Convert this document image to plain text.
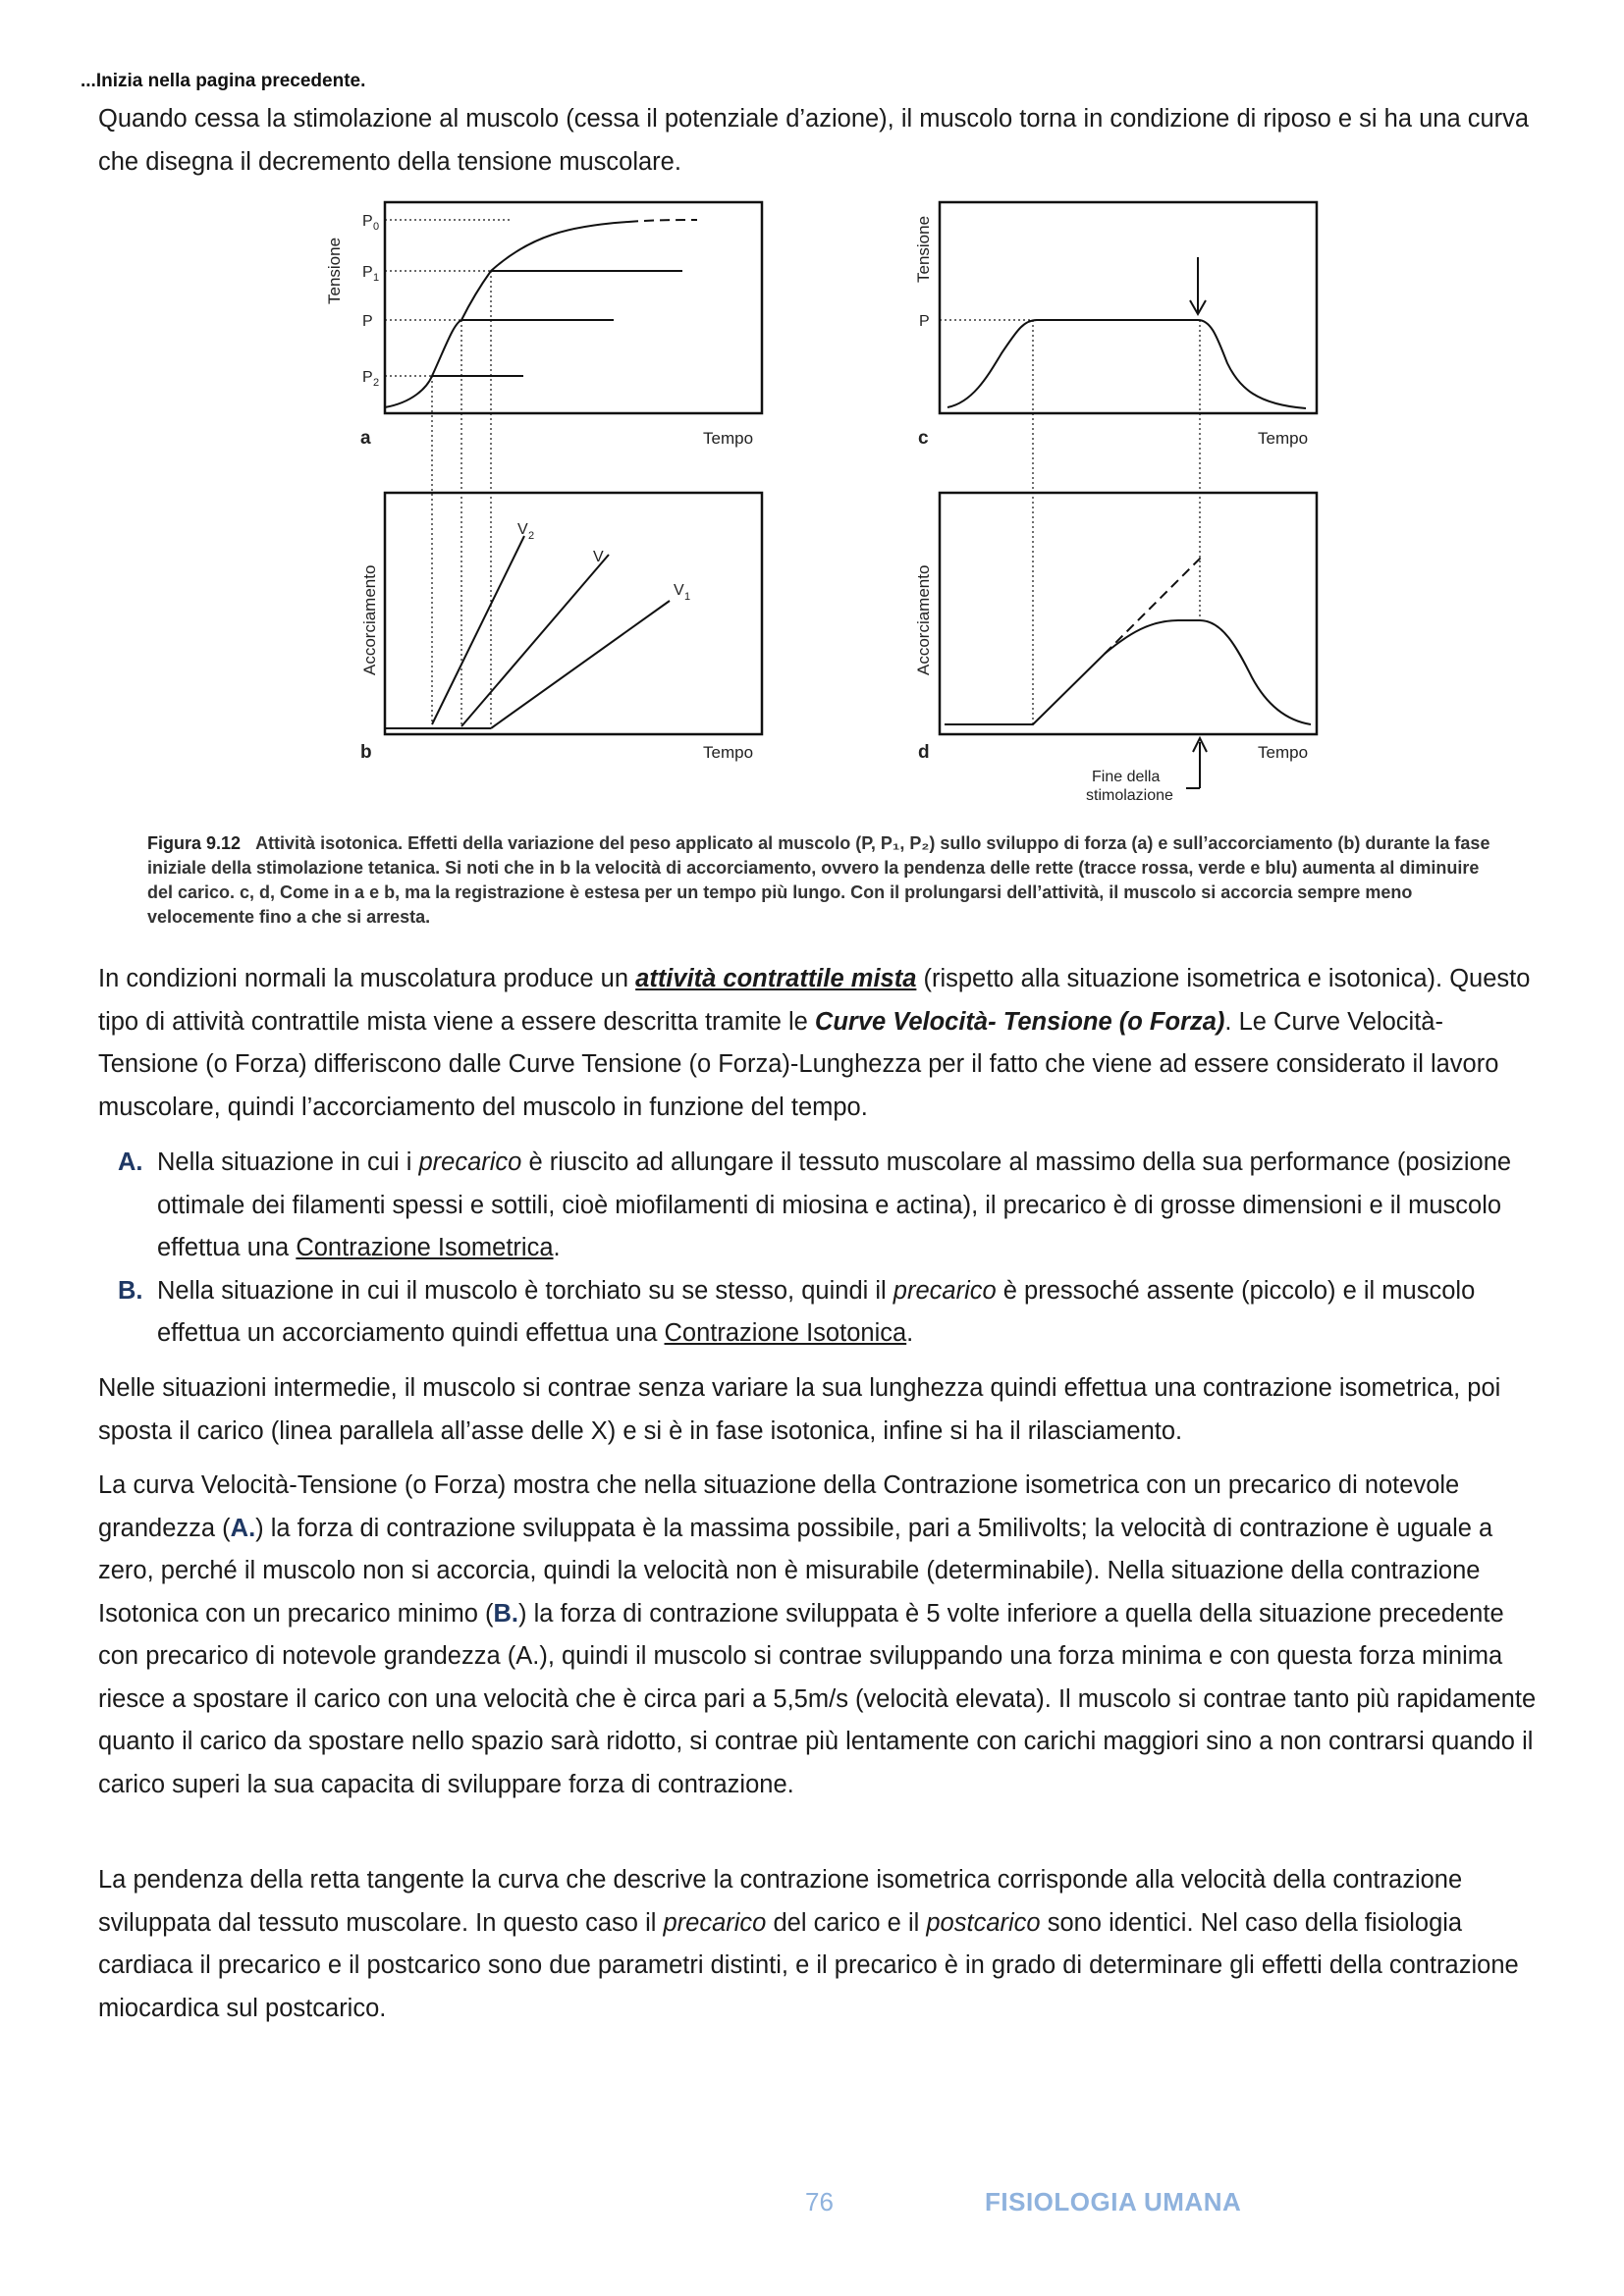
...Inizia nella pagina precedente.

Quando cessa la stimolazione al muscolo (cessa il potenziale d’azione), il muscolo torna in condizione di riposo e si ha una curva che disegna il decremento della tensione muscolare.

Tensione
Accorciamento
Tensione
Accorciamento
Tempo
Tempo
Tempo
Tempo
a
b
c
d
P 0
P 1
P
P 2
P
V 2
V
V 1
Fine della
stimolazione
Figura 9.12 Attività isotonica. Effetti della variazione del peso applicato al muscolo (P, P₁, P₂) sullo sviluppo di forza (a) e sull’accorciamento (b) durante la fase iniziale della stimolazione tetanica. Si noti che in b la velocità di accorciamento, ovvero la pendenza delle rette (tracce rossa, verde e blu) aumenta al diminuire del carico. c, d, Come in a e b, ma la registrazione è estesa per un tempo più lungo. Con il prolungarsi dell’attività, il muscolo si accorcia sempre meno velocemente fino a che si arresta.

In condizioni normali la muscolatura produce un attività contrattile mista (rispetto alla situazione isometrica e isotonica). Questo tipo di attività contrattile mista viene a essere descritta tramite le Curve Velocità- Tensione (o Forza). Le Curve Velocità-Tensione (o Forza) differiscono dalle Curve Tensione (o Forza)-Lunghezza per il fatto che viene ad essere considerato il lavoro muscolare, quindi l’accorciamento del muscolo in funzione del tempo.

A. Nella situazione in cui i precarico è riuscito ad allungare il tessuto muscolare al massimo della sua performance (posizione ottimale dei filamenti spessi e sottili, cioè miofilamenti di miosina e actina), il precarico è di grosse dimensioni e il muscolo effettua una Contrazione Isometrica.
B. Nella situazione in cui il muscolo è torchiato su se stesso, quindi il precarico è pressoché assente (piccolo) e il muscolo effettua un accorciamento quindi effettua una Contrazione Isotonica.

Nelle situazioni intermedie, il muscolo si contrae senza variare la sua lunghezza quindi effettua una contrazione isometrica, poi sposta il carico (linea parallela all’asse delle X) e si è in fase isotonica, infine si ha il rilasciamento.

La curva Velocità-Tensione (o Forza) mostra che nella situazione della Contrazione isometrica con un precarico di notevole grandezza (A.) la forza di contrazione sviluppata è la massima possibile, pari a 5milivolts; la velocità di contrazione è uguale a zero, perché il muscolo non si accorcia, quindi la velocità non è misurabile (determinabile). Nella situazione della contrazione Isotonica con un precarico minimo (B.) la forza di contrazione sviluppata è 5 volte inferiore a quella della situazione precedente con precarico di notevole grandezza (A.), quindi il muscolo si contrae sviluppando una forza minima e con questa forza minima riesce a spostare il carico con una velocità che è circa pari a 5,5m/s (velocità elevata). Il muscolo si contrae tanto più rapidamente quanto il carico da spostare nello spazio sarà ridotto, si contrae più lentamente con carichi maggiori sino a non contrarsi quando il carico superi la sua capacita di sviluppare forza di contrazione.

La pendenza della retta tangente la curva che descrive la contrazione isometrica corrisponde alla velocità della contrazione sviluppata dal tessuto muscolare. In questo caso il precarico del carico e il postcarico sono identici. Nel caso della fisiologia cardiaca il precarico e il postcarico sono due parametri distinti, e il precarico è in grado di determinare gli effetti della contrazione miocardica sul postcarico.

76	FISIOLOGIA UMANA
